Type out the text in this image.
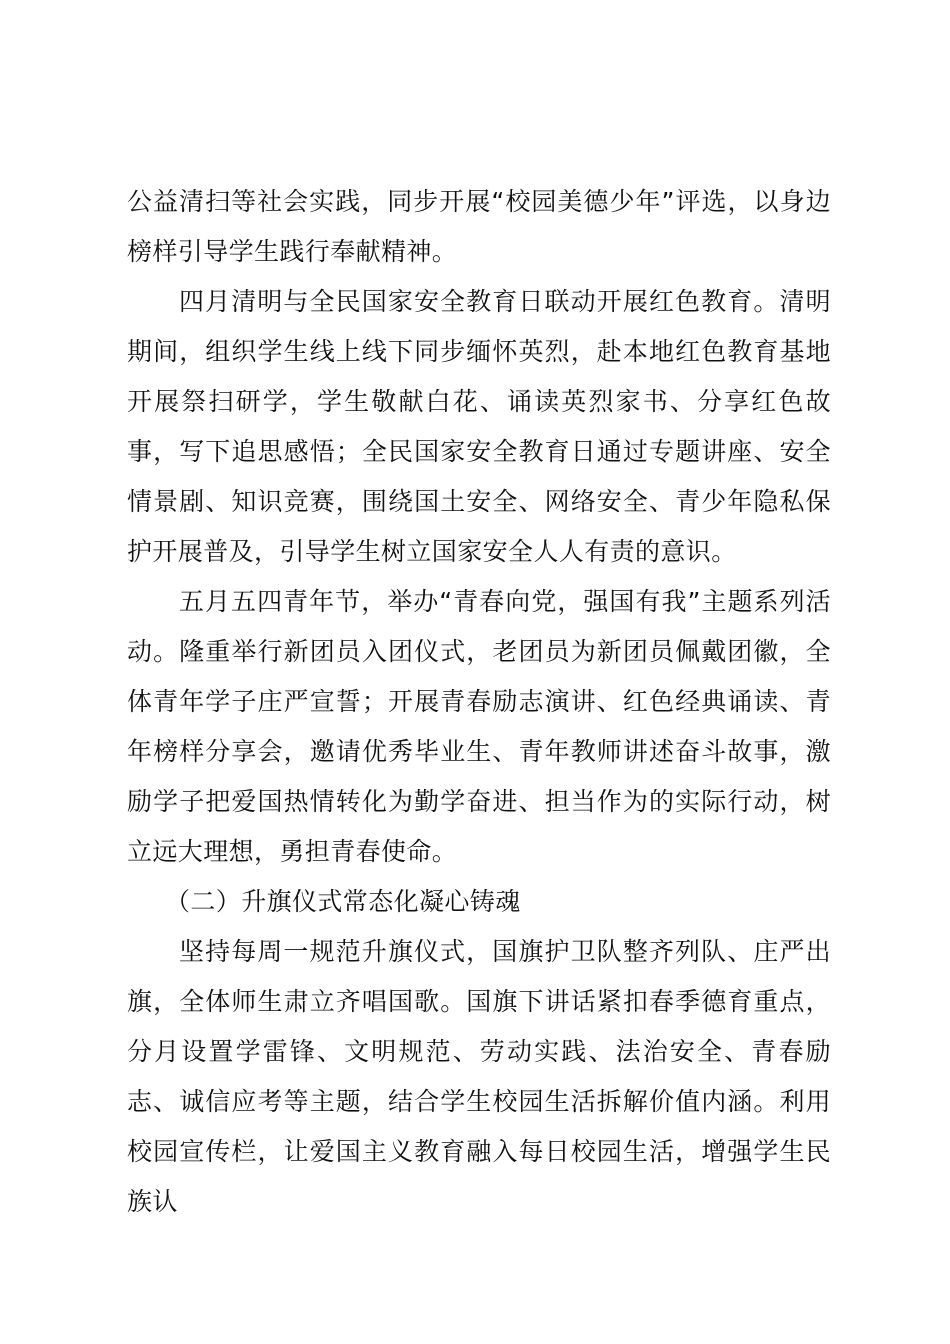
公益清扫等社会实践，同步开展“校园美德少年”评选，以身边榜样引导学生践行奉献精神。

四月清明与全民国家安全教育日联动开展红色教育。清明期间，组织学生线上线下同步缅怀英烈，赴本地红色教育基地开展祭扫研学，学生敬献白花、诵读英烈家书、分享红色故事，写下追思感悟；全民国家安全教育日通过专题讲座、安全情景剧、知识竞赛，围绕国土安全、网络安全、青少年隐私保护开展普及，引导学生树立国家安全人人有责的意识。

五月五四青年节，举办“青春向党，强国有我”主题系列活动。隆重举行新团员入团仪式，老团员为新团员佩戴团徽，全体青年学子庄严宣誓；开展青春励志演讲、红色经典诵读、青年榜样分享会，邀请优秀毕业生、青年教师讲述奋斗故事，激励学子把爱国热情转化为勤学奋进、担当作为的实际行动，树立远大理想，勇担青春使命。

（二）升旗仪式常态化凝心铸魂

坚持每周一规范升旗仪式，国旗护卫队整齐列队、庄严出旗，全体师生肃立齐唱国歌。国旗下讲话紧扣春季德育重点，分月设置学雷锋、文明规范、劳动实践、法治安全、青春励志、诚信应考等主题，结合学生校园生活拆解价值内涵。利用校园宣传栏，让爱国主义教育融入每日校园生活，增强学生民族认
